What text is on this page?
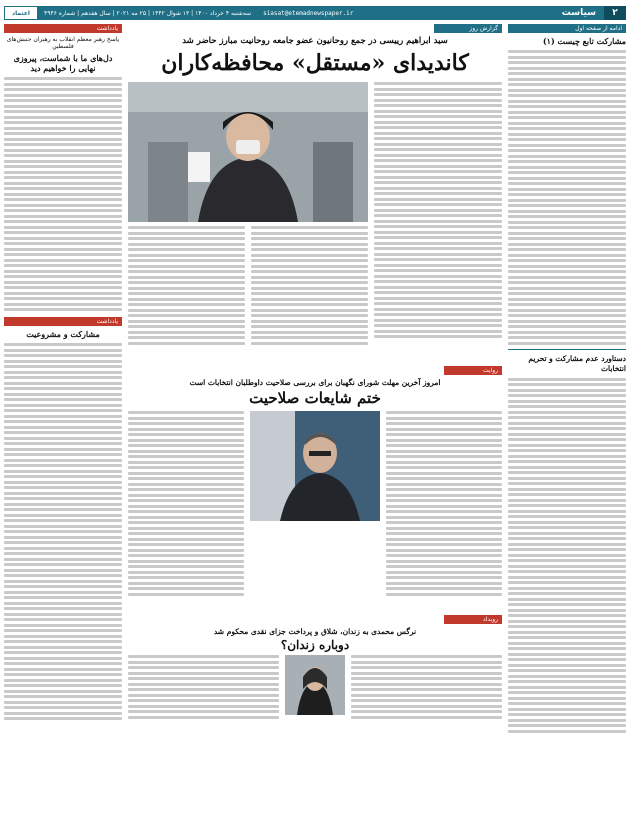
۲
سیاست
siasat@etemadnewspaper.ir
سه‌شنبه ۴ خرداد ۱۴۰۰ | ۱۳ شوال ۱۴۴۲ | ۲۵ مه ۲۰۲۱ | سال هفدهم | شماره ۴۹۴۶
اعتماد
ادامه از صفحه اول
مشارکت تابع چیست (۱)
دستاورد عدم مشارکت و تحریم انتخابات
گزارش روز
سید ابراهیم رییسی در جمع روحانیون عضو جامعه روحانیت مبارز حاضر شد
کاندیدای «مستقل» محافظه‌کاران
روایت
امروز آخرین مهلت شورای نگهبان برای بررسی صلاحیت داوطلبان انتخابات است
ختم شایعات صلاحیت
رویداد
نرگس محمدی به زندان، شلاق و پرداخت جزای نقدی محکوم شد
دوباره زندان؟
یادداشت
پاسخ رهبر معظم انقلاب به رهبران جنبش‌های فلسطین
دل‌های ما با شماست، پیروزی نهایی را خواهیم دید
یادداشت
مشارکت و مشروعیت
